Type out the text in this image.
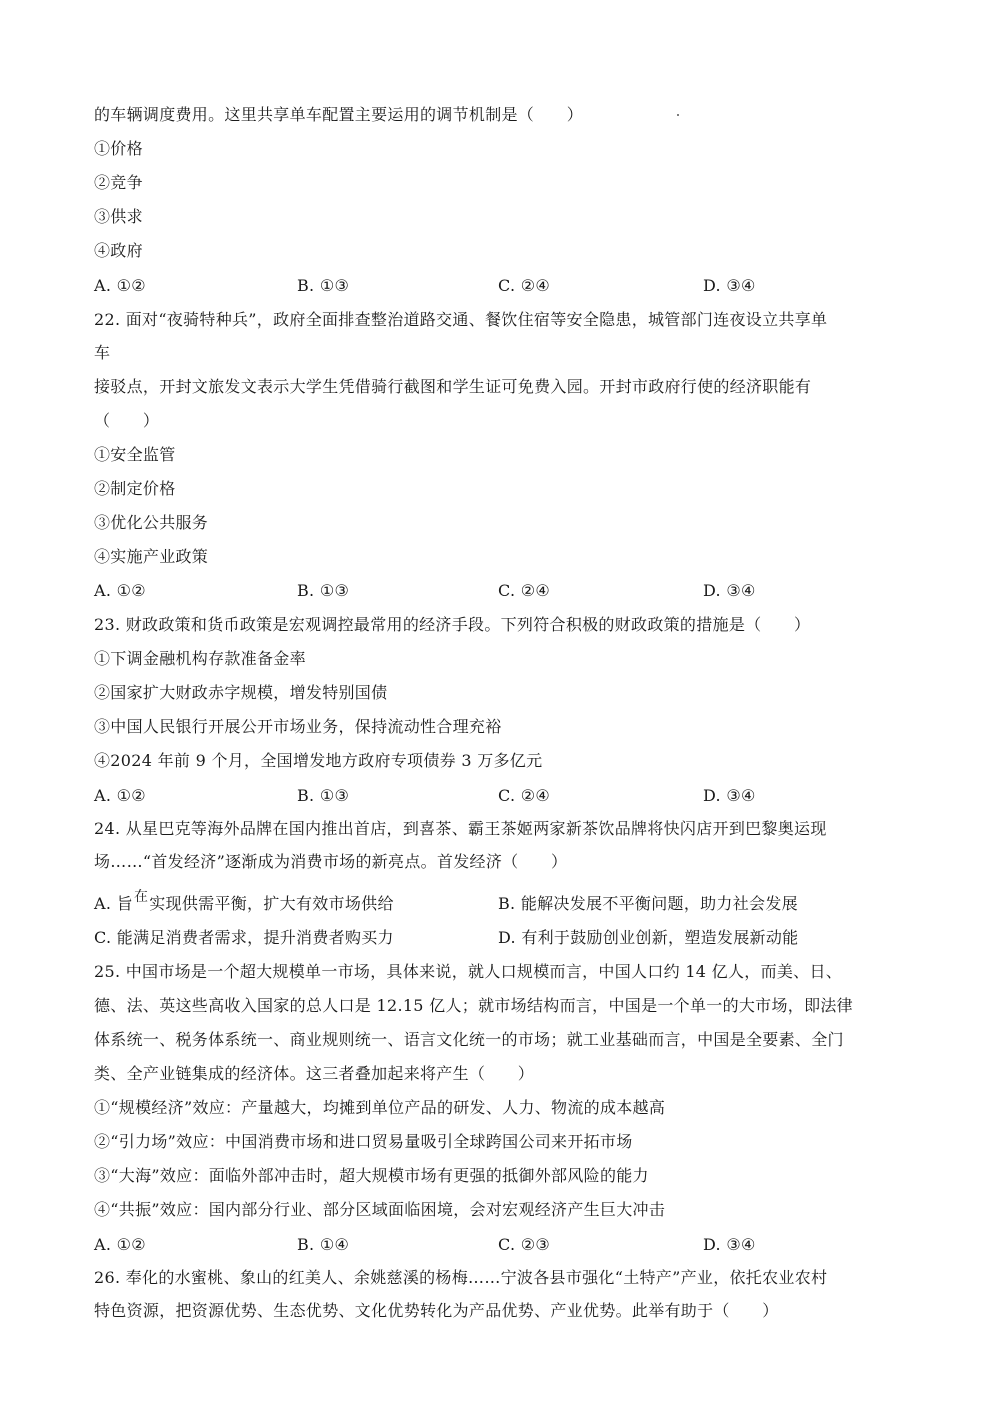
的车辆调度费用。这里共享单车配置主要运用的调节机制是（　　）
①价格
②竞争
③供求
④政府
A. ①②	B. ①③	C. ②④	D. ③④
22. 面对“夜骑特种兵”，政府全面排查整治道路交通、餐饮住宿等安全隐患，城管部门连夜设立共享单
车
接驳点，开封文旅发文表示大学生凭借骑行截图和学生证可免费入园。开封市政府行使的经济职能有
（　　）
①安全监管
②制定价格
③优化公共服务
④实施产业政策
A. ①②	B. ①③	C. ②④	D. ③④
23. 财政政策和货币政策是宏观调控最常用的经济手段。下列符合积极的财政政策的措施是（　　）
①下调金融机构存款准备金率
②国家扩大财政赤字规模，增发特别国债
③中国人民银行开展公开市场业务，保持流动性合理充裕
④2024 年前 9 个月，全国增发地方政府专项债券 3 万多亿元
A. ①②	B. ①③	C. ②④	D. ③④
24. 从星巴克等海外品牌在国内推出首店，到喜茶、霸王茶姬两家新茶饮品牌将快闪店开到巴黎奥运现
场……“首发经济”逐渐成为消费市场的新亮点。首发经济（　　）
A. 旨在实现供需平衡，扩大有效市场供给	B. 能解决发展不平衡问题，助力社会发展
C. 能满足消费者需求，提升消费者购买力	D. 有利于鼓励创业创新，塑造发展新动能
25. 中国市场是一个超大规模单一市场，具体来说，就人口规模而言，中国人口约 14 亿人，而美、日、
德、法、英这些高收入国家的总人口是 12.15 亿人；就市场结构而言，中国是一个单一的大市场，即法律
体系统一、税务体系统一、商业规则统一、语言文化统一的市场；就工业基础而言，中国是全要素、全门
类、全产业链集成的经济体。这三者叠加起来将产生（　　）
①“规模经济”效应：产量越大，均摊到单位产品的研发、人力、物流的成本越高
②“引力场”效应：中国消费市场和进口贸易量吸引全球跨国公司来开拓市场
③“大海”效应：面临外部冲击时，超大规模市场有更强的抵御外部风险的能力
④“共振”效应：国内部分行业、部分区域面临困境，会对宏观经济产生巨大冲击
A. ①②	B. ①④	C. ②③	D. ③④
26. 奉化的水蜜桃、象山的红美人、余姚慈溪的杨梅……宁波各县市强化“土特产”产业，依托农业农村
特色资源，把资源优势、生态优势、文化优势转化为产品优势、产业优势。此举有助于（　　）
